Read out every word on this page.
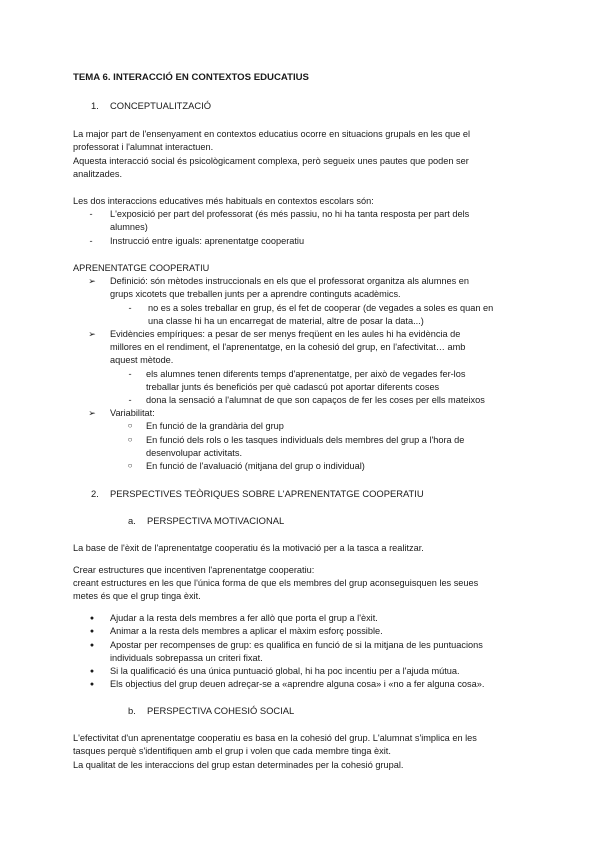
TEMA 6. INTERACCIÓ EN CONTEXTOS EDUCATIUS
1. CONCEPTUALITZACIÓ
La major part de l'ensenyament en contextos educatius ocorre en situacions grupals en les que el
professorat i l'alumnat interactuen.
Aquesta interacció social és psicològicament complexa, però segueix unes pautes que poden ser
analitzades.
Les dos interaccions educatives més habituals en contextos escolars són:
-	L'exposició per part del professorat (és més passiu, no hi ha tanta resposta per part dels
alumnes)
-	Instrucció entre iguals: aprenentatge cooperatiu
APRENENTATGE COOPERATIU
➢ Definició: són mètodes instruccionals en els que el professorat organitza als alumnes en
grups xicotets que treballen junts per a aprendre continguts acadèmics.
-	no es a soles treballar en grup, és el fet de cooperar (de vegades a soles es quan en
una classe hi ha un encarregat de material, altre de posar la data...)
➢ Evidències empíriques: a pesar de ser menys freqüent en les aules hi ha evidència de
millores en el rendiment, el l'aprenentatge, en la cohesió del grup, en l'afectivitat… amb
aquest mètode.
-	els alumnes tenen diferents temps d'aprenentatge, per això de vegades fer-los
treballar junts és beneficiós per què cadascú pot aportar diferents coses
-	dona la sensació a l'alumnat de que son capaços de fer les coses per ells mateixos
➢ Variabilitat:
○	En funció de la grandària del grup
○	En funció dels rols o les tasques individuals dels membres del grup a l'hora de
desenvolupar activitats.
○	En funció de l'avaluació (mitjana del grup o individual)
2. PERSPECTIVES TEÒRIQUES SOBRE L'APRENENTATGE COOPERATIU
a. PERSPECTIVA MOTIVACIONAL
La base de l'èxit de l'aprenentatge cooperatiu és la motivació per a la tasca a realitzar.
Crear estructures que incentiven l'aprenentatge cooperatiu:
creant estructures en les que l'única forma de que els membres del grup aconseguisquen les seues
metes és que el grup tinga èxit.
●	Ajudar a la resta dels membres a fer allò que porta el grup a l'èxit.
●	Animar a la resta dels membres a aplicar el màxim esforç possible.
●	Apostar per recompenses de grup: es qualifica en funció de si la mitjana de les puntuacions
individuals sobrepassa un criteri fixat.
●	Si la qualificació és una única puntuació global, hi ha poc incentiu per a l'ajuda mútua.
●	Els objectius del grup deuen adreçar-se a «aprendre alguna cosa» i «no a fer alguna cosa».
b. PERSPECTIVA COHESIÓ SOCIAL
L'efectivitat d'un aprenentatge cooperatiu es basa en la cohesió del grup. L'alumnat s'implica en les
tasques perquè s'identifiquen amb el grup i volen que cada membre tinga èxit.
La qualitat de les interaccions del grup estan determinades per la cohesió grupal.
